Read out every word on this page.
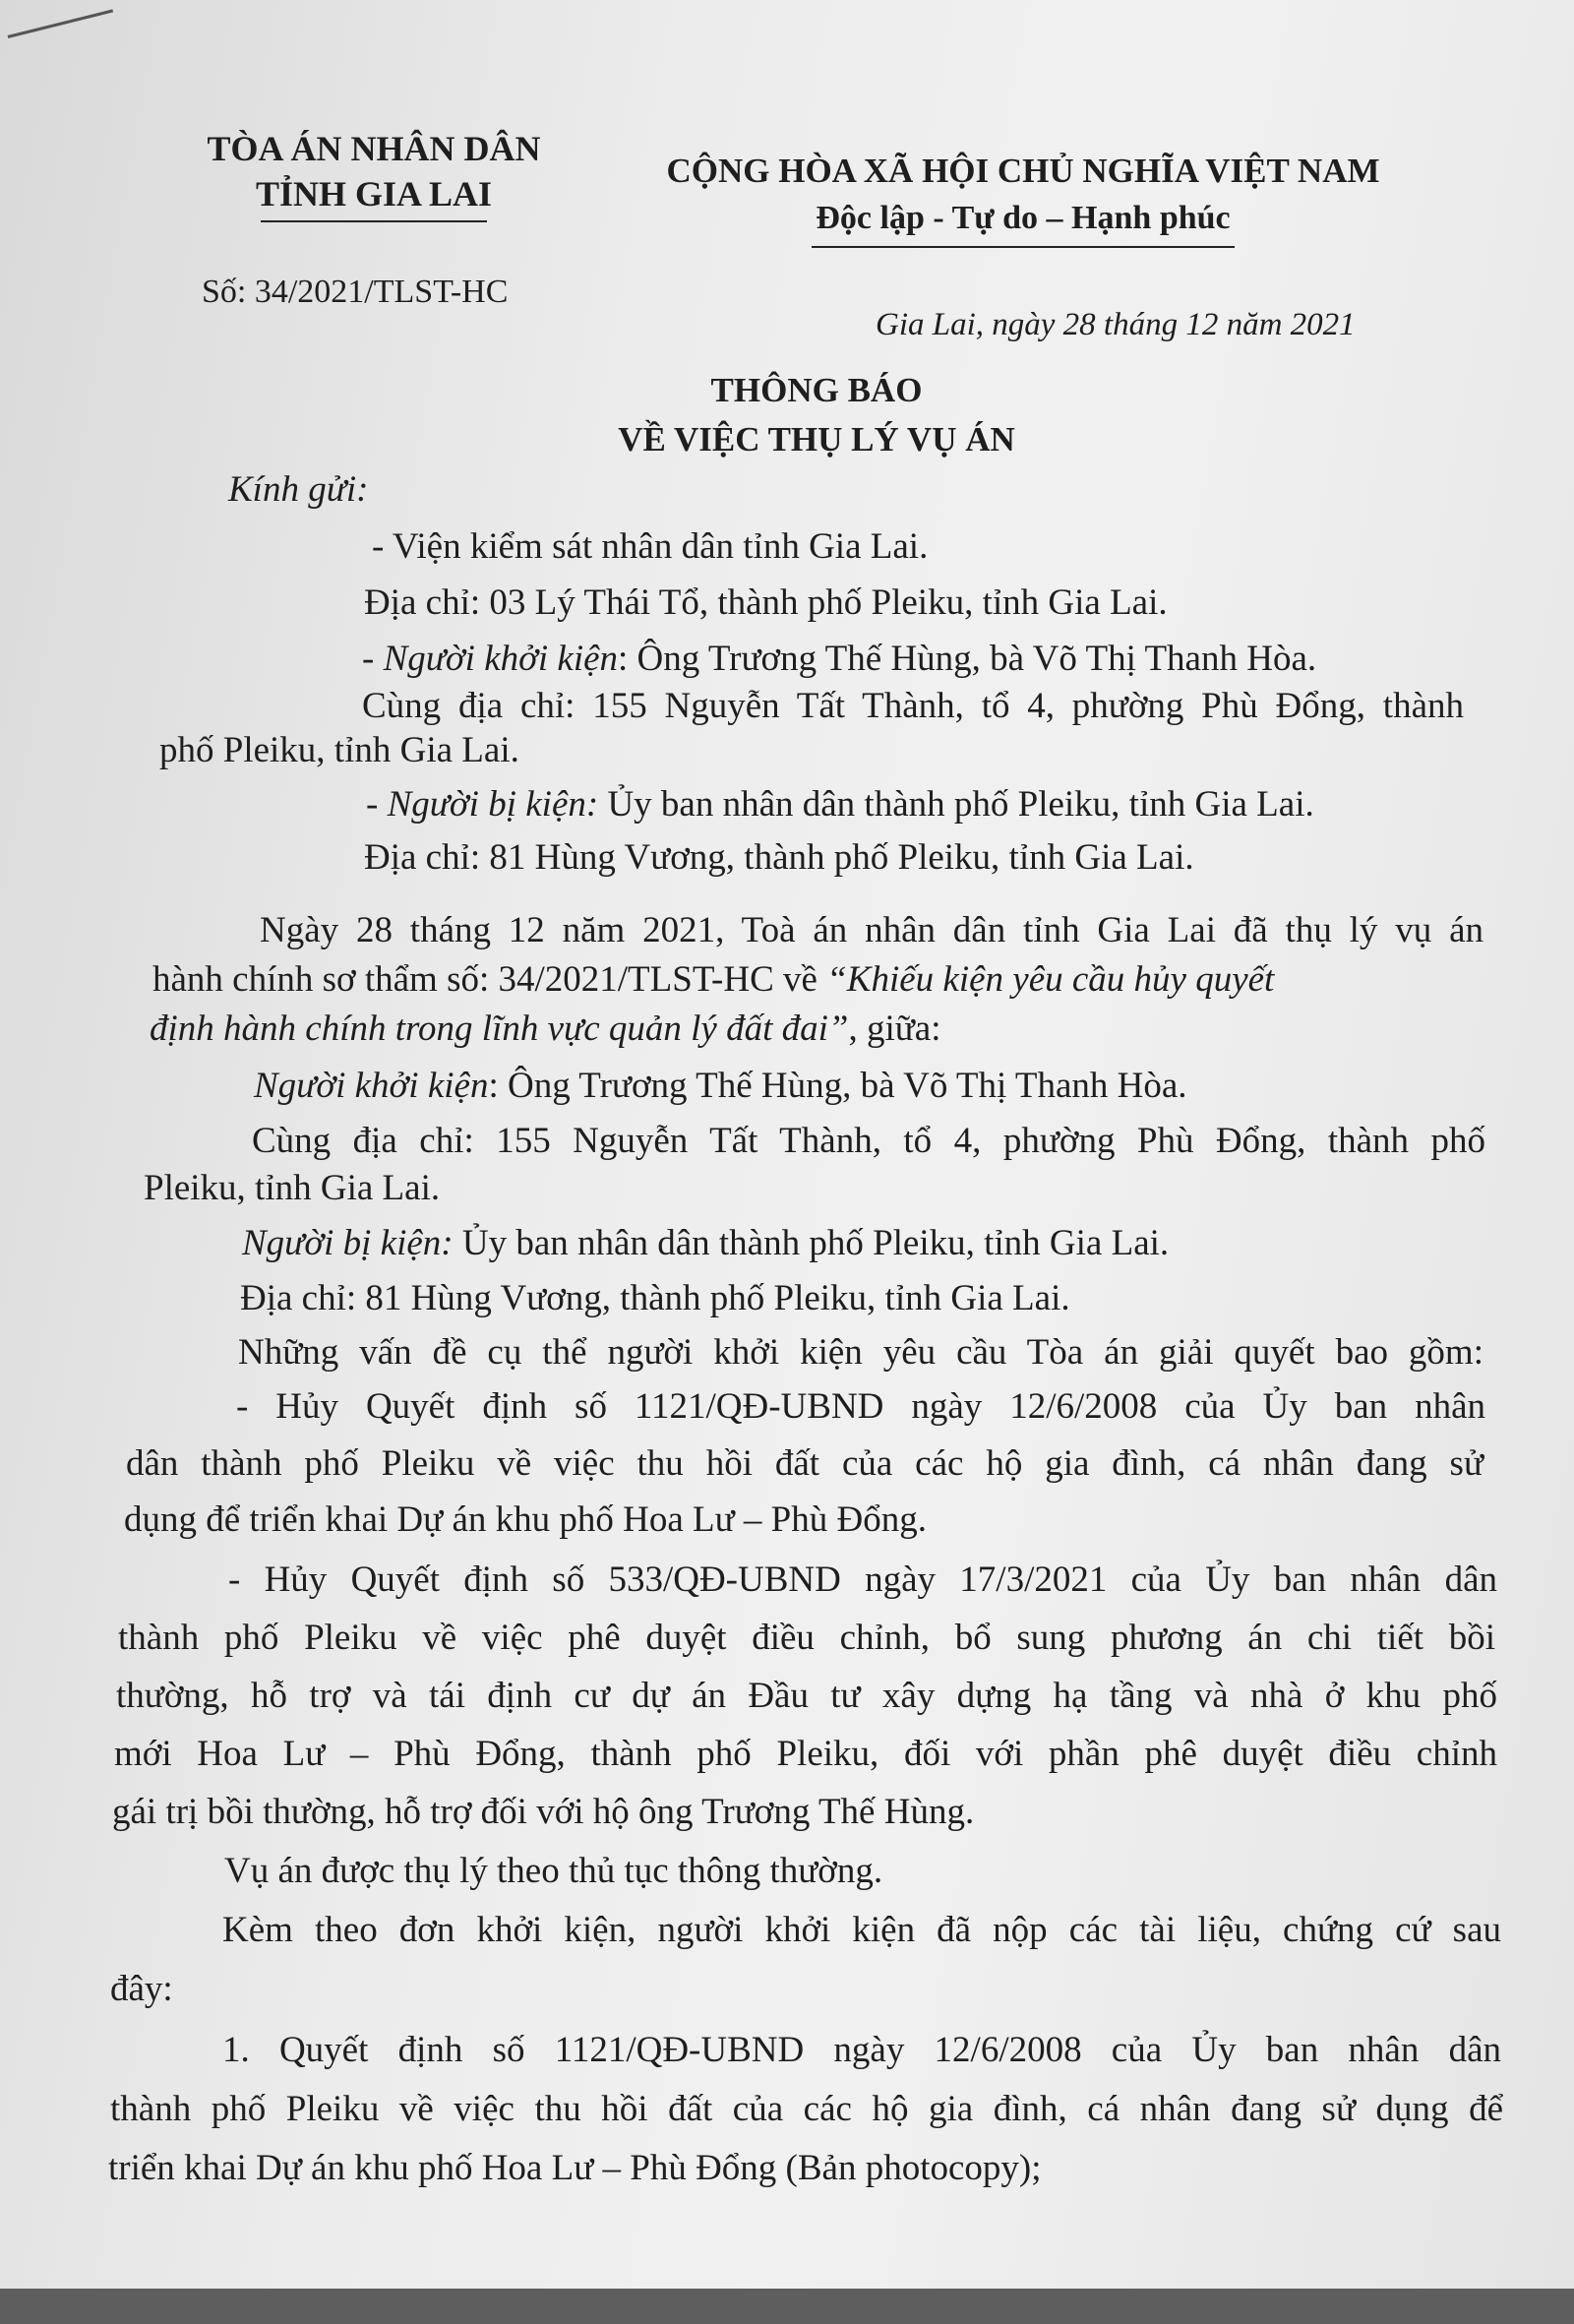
TÒA ÁN NHÂN DÂN
TỈNH GIA LAI
Số: 34/2021/TLST-HC
CỘNG HÒA XÃ HỘI CHỦ NGHĨA VIỆT NAM
Độc lập - Tự do – Hạnh phúc
Gia Lai, ngày 28 tháng 12 năm 2021
THÔNG BÁO
VỀ VIỆC THỤ LÝ VỤ ÁN
Kính gửi:
- Viện kiểm sát nhân dân tỉnh Gia Lai.
Địa chỉ: 03 Lý Thái Tổ, thành phố Pleiku, tỉnh Gia Lai.
- Người khởi kiện: Ông Trương Thế Hùng, bà Võ Thị Thanh Hòa.
Cùng địa chỉ: 155 Nguyễn Tất Thành, tổ 4, phường Phù Đổng, thành
phố Pleiku, tỉnh Gia Lai.
- Người bị kiện: Ủy ban nhân dân thành phố Pleiku, tỉnh Gia Lai.
Địa chỉ: 81 Hùng Vương, thành phố Pleiku, tỉnh Gia Lai.
Ngày 28 tháng 12 năm 2021, Toà án nhân dân tỉnh Gia Lai đã thụ lý vụ án
hành chính sơ thẩm số: 34/2021/TLST-HC về “Khiếu kiện yêu cầu hủy quyết
định hành chính trong lĩnh vực quản lý đất đai”, giữa:
Người khởi kiện: Ông Trương Thế Hùng, bà Võ Thị Thanh Hòa.
Cùng địa chỉ: 155 Nguyễn Tất Thành, tổ 4, phường Phù Đổng, thành phố
Pleiku, tỉnh Gia Lai.
Người bị kiện: Ủy ban nhân dân thành phố Pleiku, tỉnh Gia Lai.
Địa chỉ: 81 Hùng Vương, thành phố Pleiku, tỉnh Gia Lai.
Những vấn đề cụ thể người khởi kiện yêu cầu Tòa án giải quyết bao gồm:
- Hủy Quyết định số 1121/QĐ-UBND ngày 12/6/2008 của Ủy ban nhân
dân thành phố Pleiku về việc thu hồi đất của các hộ gia đình, cá nhân đang sử
dụng để triển khai Dự án khu phố Hoa Lư – Phù Đổng.
- Hủy Quyết định số 533/QĐ-UBND ngày 17/3/2021 của Ủy ban nhân dân
thành phố Pleiku về việc phê duyệt điều chỉnh, bổ sung phương án chi tiết bồi
thường, hỗ trợ và tái định cư dự án Đầu tư xây dựng hạ tầng và nhà ở khu phố
mới Hoa Lư – Phù Đổng, thành phố Pleiku, đối với phần phê duyệt điều chỉnh
gái trị bồi thường, hỗ trợ đối với hộ ông Trương Thế Hùng.
Vụ án được thụ lý theo thủ tục thông thường.
Kèm theo đơn khởi kiện, người khởi kiện đã nộp các tài liệu, chứng cứ sau
đây:
1. Quyết định số 1121/QĐ-UBND ngày 12/6/2008 của Ủy ban nhân dân
thành phố Pleiku về việc thu hồi đất của các hộ gia đình, cá nhân đang sử dụng để
triển khai Dự án khu phố Hoa Lư – Phù Đổng (Bản photocopy);
